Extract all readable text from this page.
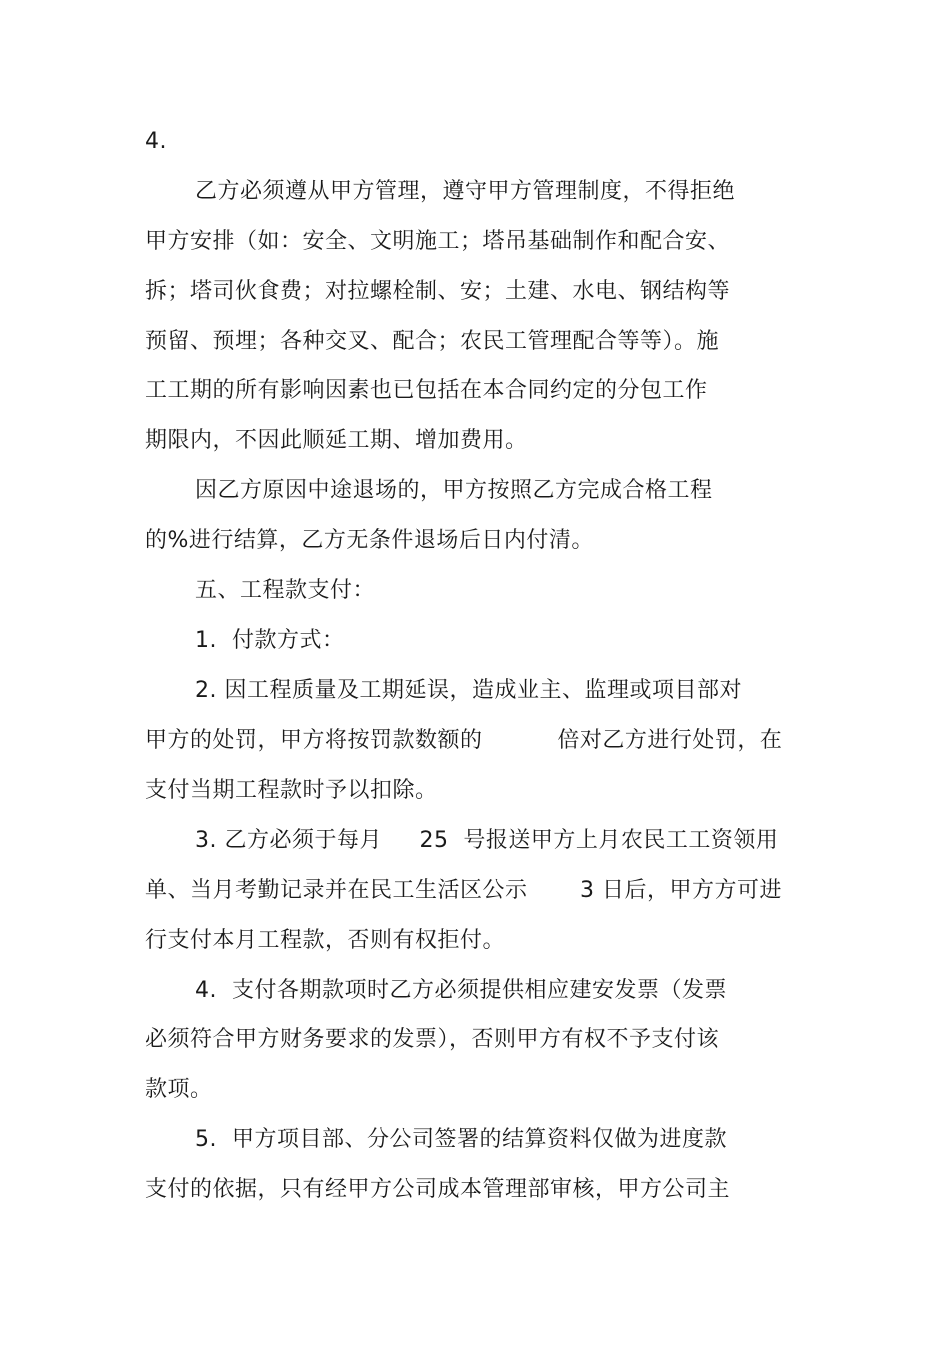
4.
乙方必须遵从甲方管理，遵守甲方管理制度，不得拒绝
甲方安排（如：安全、文明施工；塔吊基础制作和配合安、
拆；塔司伙食费；对拉螺栓制、安；土建、水电、钢结构等
预留、预埋；各种交叉、配合；农民工管理配合等等）。施
工工期的所有影响因素也已包括在本合同约定的分包工作
期限内，不因此顺延工期、增加费用。
因乙方原因中途退场的，甲方按照乙方完成合格工程
的%进行结算，乙方无条件退场后日内付清。
五、工程款支付：
1.  付款方式：
2. 因工程质量及工期延误，造成业主、监理或项目部对
甲方的处罚，甲方将按罚款数额的          倍对乙方进行处罚，在
支付当期工程款时予以扣除。
3. 乙方必须于每月     25  号报送甲方上月农民工工资领用
单、当月考勤记录并在民工生活区公示       3 日后，甲方方可进
行支付本月工程款，否则有权拒付。
4.  支付各期款项时乙方必须提供相应建安发票（发票
必须符合甲方财务要求的发票），否则甲方有权不予支付该
款项。
5.  甲方项目部、分公司签署的结算资料仅做为进度款
支付的依据，只有经甲方公司成本管理部审核，甲方公司主
